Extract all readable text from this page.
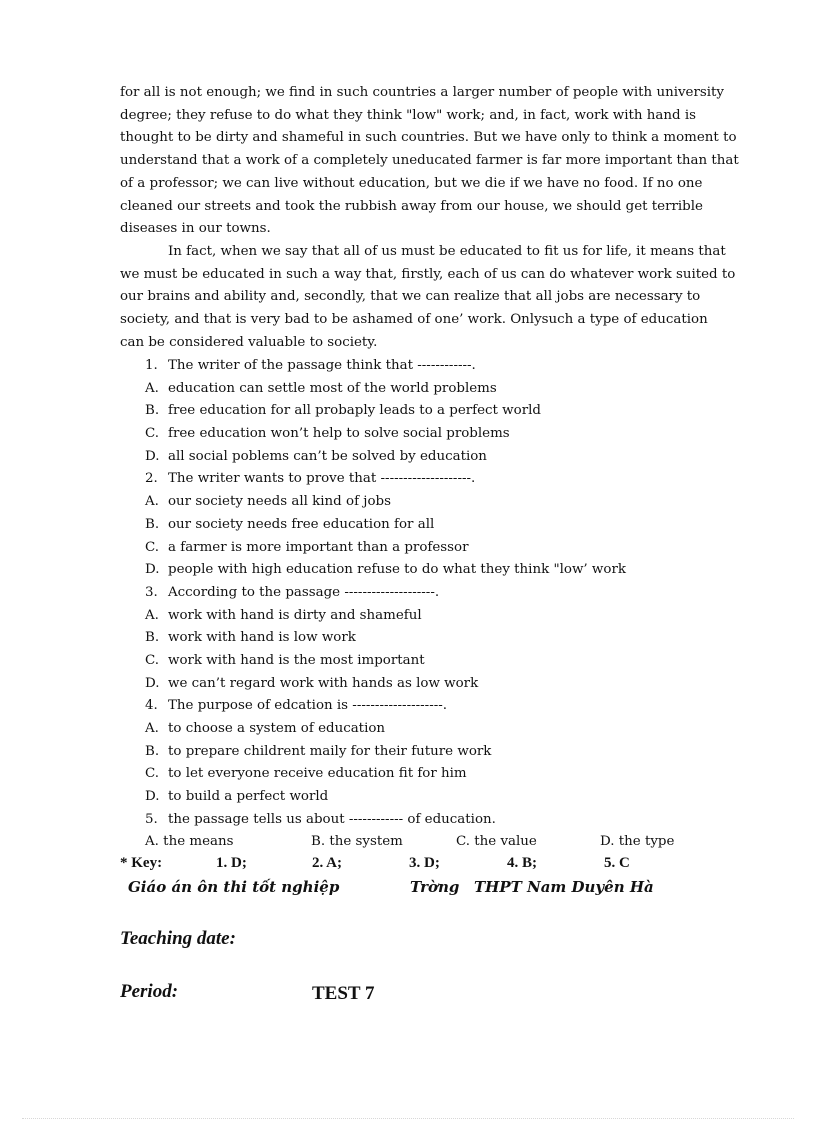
for all is not enough; we find in such countries a larger number of people with university
degree; they refuse to do what they think "low" work; and, in fact, work with hand is
thought to be dirty and shameful in such countries. But we have only to think a moment to
understand that a work of a completely uneducated farmer is far more important than that
of a professor; we can live without education, but we die if we have no food. If no one
cleaned our streets and took the rubbish away from our house, we should get terrible
diseases in our towns.
In fact, when we say that all of us must be educated to fit us for life, it means that
we must be educated in such a way that, firstly, each of us can do whatever work suited to
our brains and ability and, secondly, that we can realize that all jobs are necessary to
society, and that is very bad to be ashamed of one’ work. Onlysuch a type of education
can be considered valuable to society.
1. The writer of the passage think that ------------.
A. education can settle most of the world problems
B. free education for all probaply leads to a perfect world
C. free education won’t help to solve social problems
D. all social poblems can’t be solved by education
2. The writer wants to prove that --------------------.
A. our society needs all kind of jobs
B. our society needs free education for all
C. a farmer is more important than a professor
D. people with high education refuse to do what they think "low’ work
3. According to the passage --------------------.
A. work with hand is dirty and shameful
B. work with hand is low work
C. work with hand is the most important
D. we can’t regard work with hands as low work
4. The purpose of edcation is --------------------.
A. to choose a system of education
B. to prepare childrent maily for their future work
C. to let everyone receive education fit for him
D. to build a perfect world
5. the passage tells us about ------------ of education.
A. the means	B. the system	C. the value	D. the type
* Key:	1. D;	2. A;	3. D;	4. B;	5. C
Giáo án ôn thi tốt nghiệp	Trờng THPT Nam Duyên Hà
Teaching date:
Period:	TEST 7
